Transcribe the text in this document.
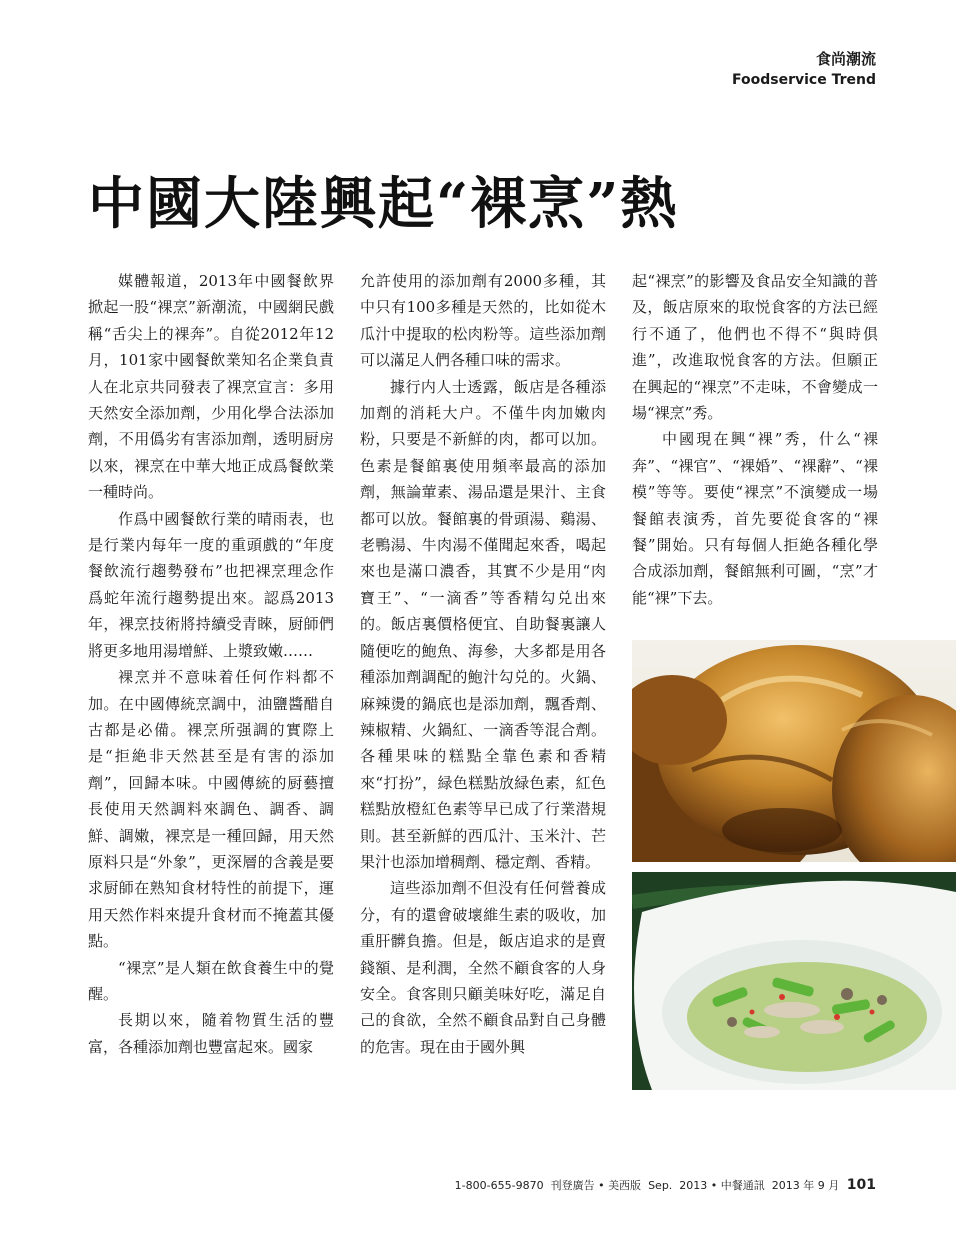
食尚潮流
Foodservice Trend
中國大陸興起“裸烹”熱

媒體報道，2013年中國餐飲界掀起一股“裸烹”新潮流，中國網民戲稱“舌尖上的裸奔”。自從2012年12月，101家中國餐飲業知名企業負責人在北京共同發表了裸烹宣言：多用天然安全添加劑，少用化學合法添加劑，不用僞劣有害添加劑，透明厨房以來，裸烹在中華大地正成爲餐飲業一種時尚。

作爲中國餐飲行業的晴雨表，也是行業内每年一度的重頭戲的“年度餐飲流行趨勢發布”也把裸烹理念作爲蛇年流行趨勢提出來。認爲2013年，裸烹技術將持續受青睞，厨師們將更多地用湯增鮮、上漿致嫩……

裸烹并不意味着任何作料都不加。在中國傳統烹調中，油鹽醬醋自古都是必備。裸烹所强調的實際上是“拒絶非天然甚至是有害的添加劑”，回歸本味。中國傳統的厨藝擅長使用天然調料來調色、調香、調鮮、調嫩，裸烹是一種回歸，用天然原料只是“外象”，更深層的含義是要求厨師在熟知食材特性的前提下，運用天然作料來提升食材而不掩蓋其優點。

“裸烹”是人類在飲食養生中的覺醒。

長期以來，隨着物質生活的豐富，各種添加劑也豐富起來。國家

允許使用的添加劑有2000多種，其中只有100多種是天然的，比如從木瓜汁中提取的松肉粉等。這些添加劑可以滿足人們各種口味的需求。

據行内人士透露，飯店是各種添加劑的消耗大户。不僅牛肉加嫩肉粉，只要是不新鮮的肉，都可以加。色素是餐館裏使用頻率最高的添加劑，無論葷素、湯品還是果汁、主食都可以放。餐館裏的骨頭湯、鷄湯、老鴨湯、牛肉湯不僅聞起來香，喝起來也是滿口濃香，其實不少是用“肉寶王”、“一滴香”等香精勾兑出來的。飯店裏價格便宜、自助餐裏讓人隨便吃的鮑魚、海參，大多都是用各種添加劑調配的鮑汁勾兑的。火鍋、麻辣燙的鍋底也是添加劑，飄香劑、辣椒精、火鍋紅、一滴香等混合劑。各種果味的糕點全靠色素和香精來“打扮”，緑色糕點放緑色素，紅色糕點放橙紅色素等早已成了行業潜規則。甚至新鮮的西瓜汁、玉米汁、芒果汁也添加增稠劑、穩定劑、香精。

這些添加劑不但没有任何營養成分，有的還會破壞維生素的吸收，加重肝髒負擔。但是，飯店追求的是賣錢額、是利潤，全然不顧食客的人身安全。食客則只顧美味好吃，滿足自己的食欲，全然不顧食品對自己身體的危害。現在由于國外興

起“裸烹”的影響及食品安全知識的普及，飯店原來的取悦食客的方法已經行不通了，他們也不得不“與時俱進”，改進取悦食客的方法。但願正在興起的“裸烹”不走味，不會變成一場“裸烹”秀。

中國現在興“裸”秀，什么“裸奔”、“裸官”、“裸婚”、“裸辭”、“裸模”等等。要使“裸烹”不演變成一場餐館表演秀，首先要從食客的“裸餐”開始。只有每個人拒絶各種化學合成添加劑，餐館無利可圖，“烹”才能“裸”下去。

1-800-655-9870 刊登廣告 • 美西版 Sep. 2013 • 中餐通訊 2013 年 9 月 101
